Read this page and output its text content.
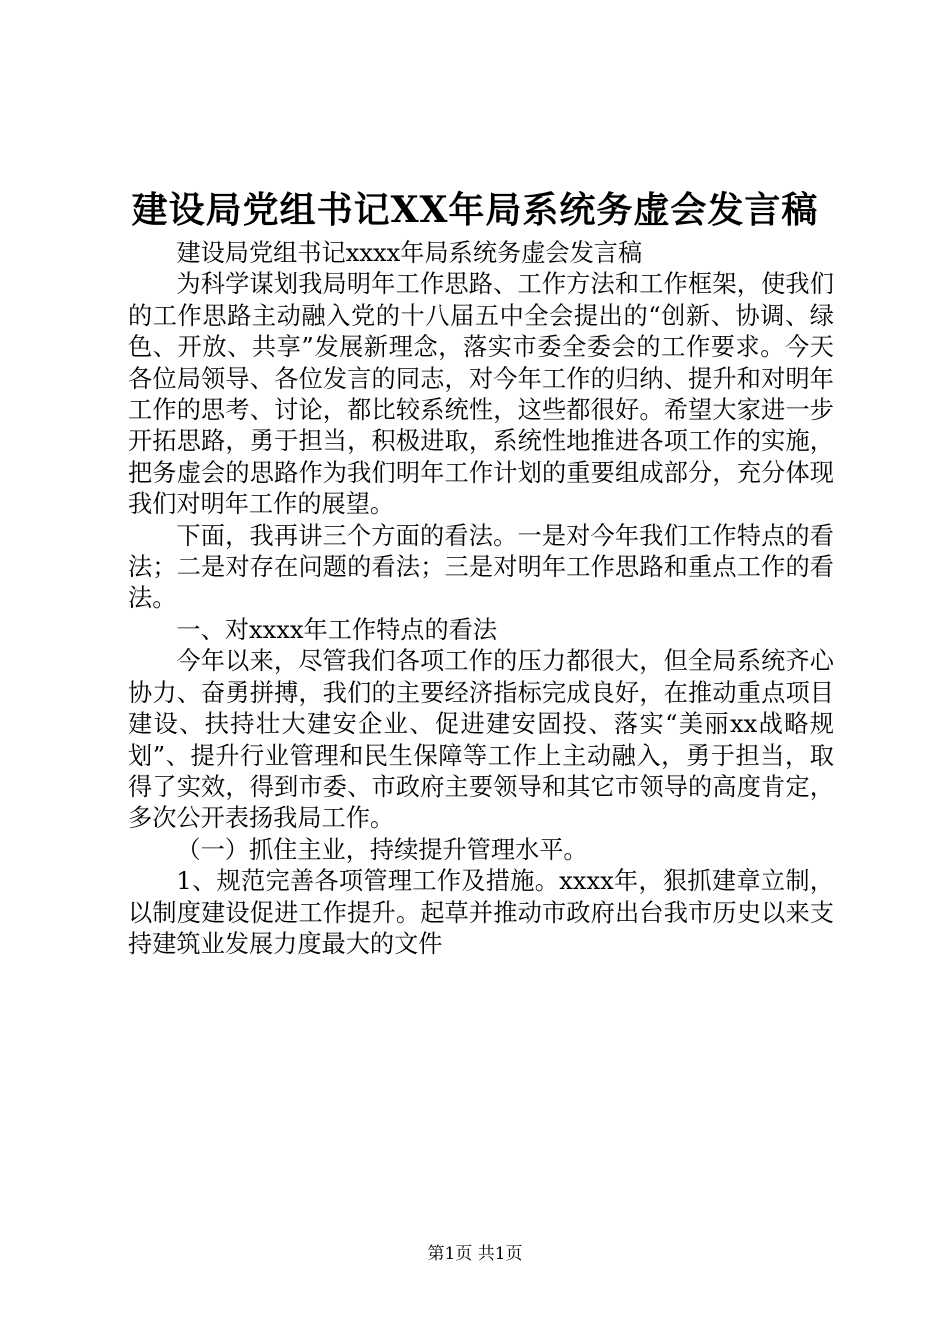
建设局党组书记XX年局系统务虚会发言稿

建设局党组书记xxxx年局系统务虚会发言稿

为科学谋划我局明年工作思路、工作方法和工作框架，使我们的工作思路主动融入党的十八届五中全会提出的“创新、协调、绿色、开放、共享”发展新理念，落实市委全委会的工作要求。今天各位局领导、各位发言的同志，对今年工作的归纳、提升和对明年工作的思考、讨论，都比较系统性，这些都很好。希望大家进一步开拓思路，勇于担当，积极进取，系统性地推进各项工作的实施，把务虚会的思路作为我们明年工作计划的重要组成部分，充分体现我们对明年工作的展望。

下面，我再讲三个方面的看法。一是对今年我们工作特点的看法；二是对存在问题的看法；三是对明年工作思路和重点工作的看法。

一、对xxxx年工作特点的看法

今年以来，尽管我们各项工作的压力都很大，但全局系统齐心协力、奋勇拼搏，我们的主要经济指标完成良好，在推动重点项目建设、扶持壮大建安企业、促进建安固投、落实“美丽xx战略规划”、提升行业管理和民生保障等工作上主动融入，勇于担当，取得了实效，得到市委、市政府主要领导和其它市领导的高度肯定，多次公开表扬我局工作。

（一）抓住主业，持续提升管理水平。

1、规范完善各项管理工作及措施。xxxx年，狠抓建章立制，以制度建设促进工作提升。起草并推动市政府出台我市历史以来支持建筑业发展力度最大的文件

第1页 共1页
